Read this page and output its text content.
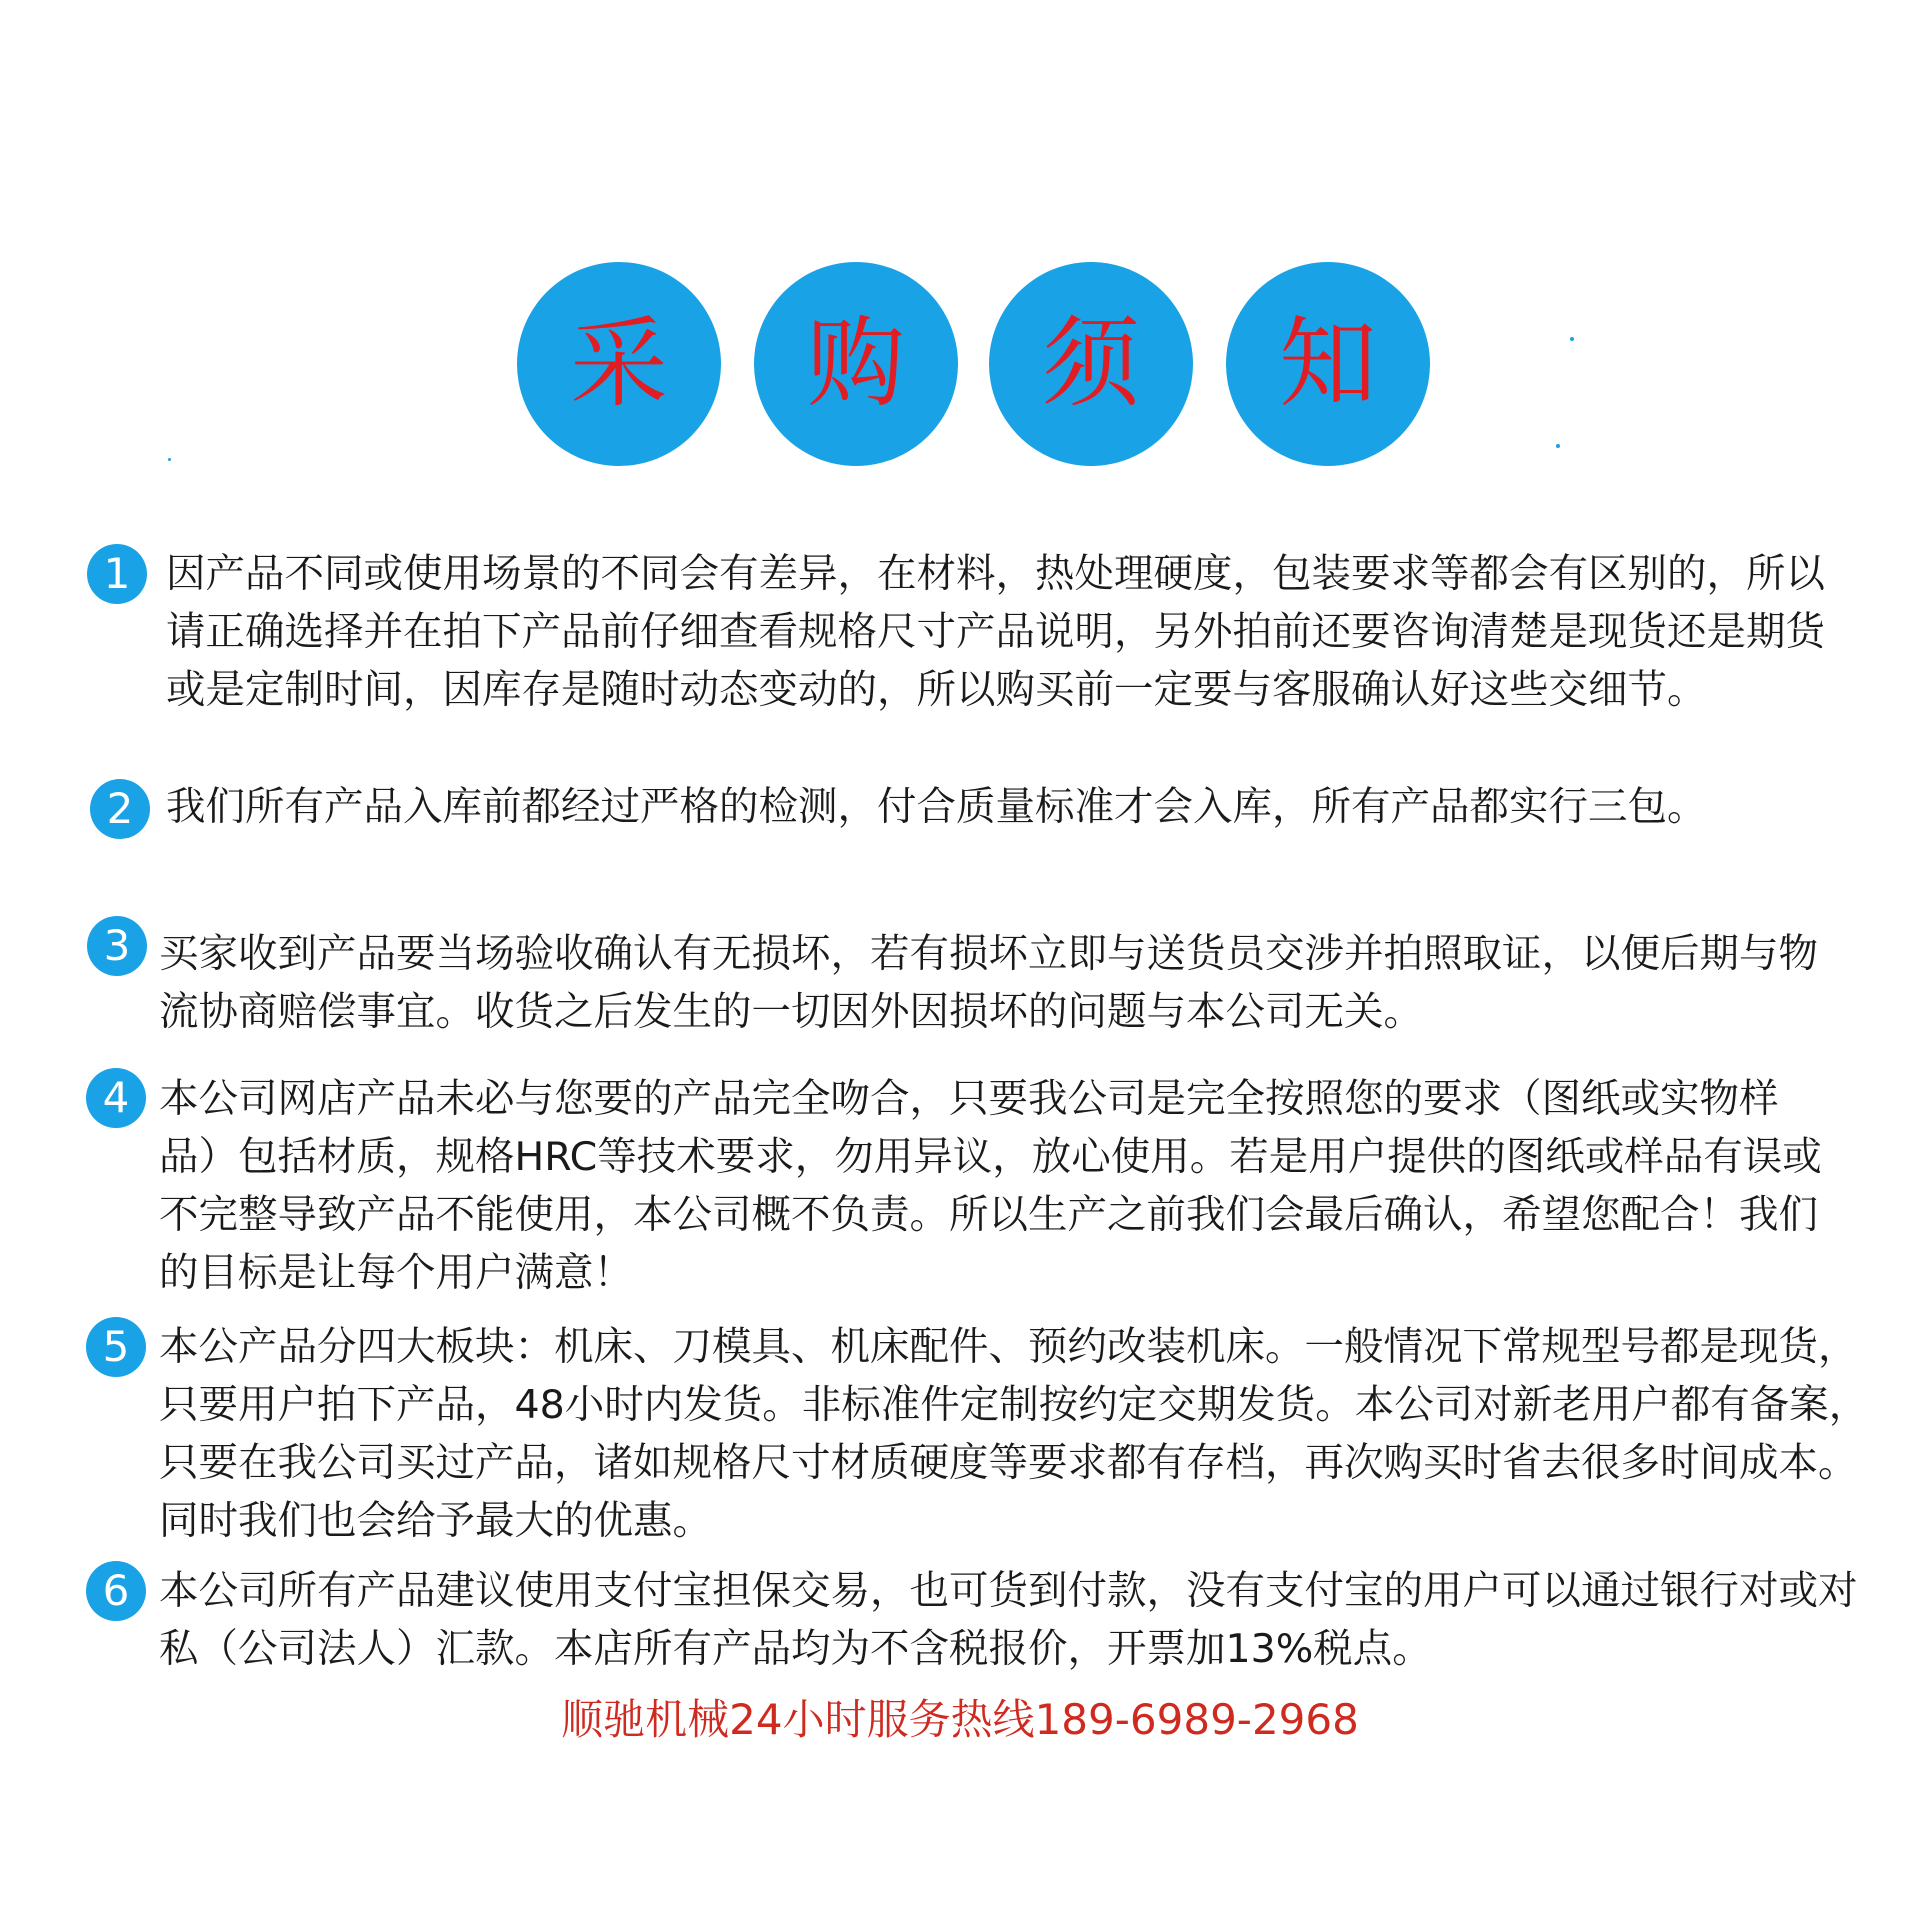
采 购 须 知
1 因产品不同或使用场景的不同会有差异，在材料，热处理硬度，包装要求等都会有区别的，所以请正确选择并在拍下产品前仔细查看规格尺寸产品说明，另外拍前还要咨询清楚是现货还是期货或是定制时间，因库存是随时动态变动的，所以购买前一定要与客服确认好这些交细节。

2 我们所有产品入库前都经过严格的检测，付合质量标准才会入库，所有产品都实行三包。

3 买家收到产品要当场验收确认有无损坏，若有损坏立即与送货员交涉并拍照取证，以便后期与物流协商赔偿事宜。收货之后发生的一切因外因损坏的问题与本公司无关。

4 本公司网店产品未必与您要的产品完全吻合，只要我公司是完全按照您的要求（图纸或实物样品）包括材质，规格HRC等技术要求，勿用异议，放心使用。若是用户提供的图纸或样品有误或不完整导致产品不能使用，本公司概不负责。所以生产之前我们会最后确认，希望您配合！我们的目标是让每个用户满意！

5 本公产品分四大板块：机床、刀模具、机床配件、预约改装机床。一般情况下常规型号都是现货，只要用户拍下产品，48小时内发货。非标准件定制按约定交期发货。本公司对新老用户都有备案，只要在我公司买过产品，诸如规格尺寸材质硬度等要求都有存档，再次购买时省去很多时间成本。同时我们也会给予最大的优惠。

6 本公司所有产品建议使用支付宝担保交易，也可货到付款，没有支付宝的用户可以通过银行对或对私（公司法人）汇款。本店所有产品均为不含税报价，开票加13%税点。

顺驰机械24小时服务热线189-6989-2968
